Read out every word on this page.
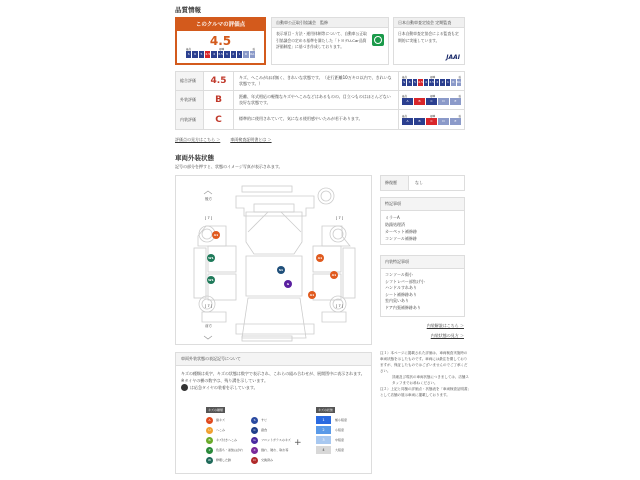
品質情報
このクルマの評価点
4.5
最高	標準	低
S	6	5	4.5	4	3.5	3	2	1	R	RA
自動車公正取引協議会　監修
表示項目・方法・運用体制等について、自動車公正取引協議会の定める基準を満たした「トヨタU-Car品質評価制度」に基づき作成しております。
日本自動車査定協会 定期監査
日本自動車査定協会による監査も定期的に実施しています。
JAAI
総合評価	4.5	キズ、へこみがほぼ無く、きれいな状態です。（走行距離10万キロ以内で、きれいな状態です。）
最高	標準	低
S	6	5 4.5 4 3.5 3	2	1	R RA
外装評価	B	距離、年式相応の軽微なキズやへこみなどはあるものの、目立つものはほとんどない良好な状態です。
最高	標準	低
A	B	C	D	E
内装評価	C	標準的に使用されていて、気になる使用感やいたみが若干あります。
最高	標準	低
A	B	C	D	E
評価点の見方はこちら ＞	車両検査証明書とは ＞
車両外装状態
記号の部分を押すと、状態のイメージ写真が表示されます。
後方
前方
[ 7 ]	[ 7 ]
[ 7 ]	[ 7 ]
A1
W1
W1
S1
G
A1
A1
A1
修復歴	なし
特記事項
ミラーA
防錆処理済
カーペット補修跡
コンソール補修跡
内装特記事項
コンソール傷小
シフトレバー部焦げ小
ハンドルすれあり
シート補修跡あり
室内臭いあり
ドア内張補修跡あり
内装解説はこちら ＞
内装状態の見方 ＞
注１）本ページに掲載された評価は、車両検査実施時の車両状態を示したものです。車両には最注を期しておりますが、保証したものではございませんのでご了承ください。
詳細及び現状の車両状態につきましては、店舗スタッフまでお尋ねください。
注２）上記と同様の評価点・状態表を「車両検査証明書」として店舗の展示車両に掲載しております。
車両外装状態の表記記号について
キズの種類は英字、キズの状態は数字で表示され、これらの組み合わせが、展開図中に表示されます。
※タイヤの横の数字は、残り溝を示しています。
は応急タイヤの装着を示しています。
キズの種類
A	線キズ
U	へこみ
B	キズ付きへこみ
P	色落ち・塗装はがれ
W	修理した跡
S	サビ
C	腐食
G	フロントガラスのキズ
X	割れ、破れ、取れ等
D	交換済み
+
キズの状態
1	極小程度
2	小程度
3	中程度
4	大程度
